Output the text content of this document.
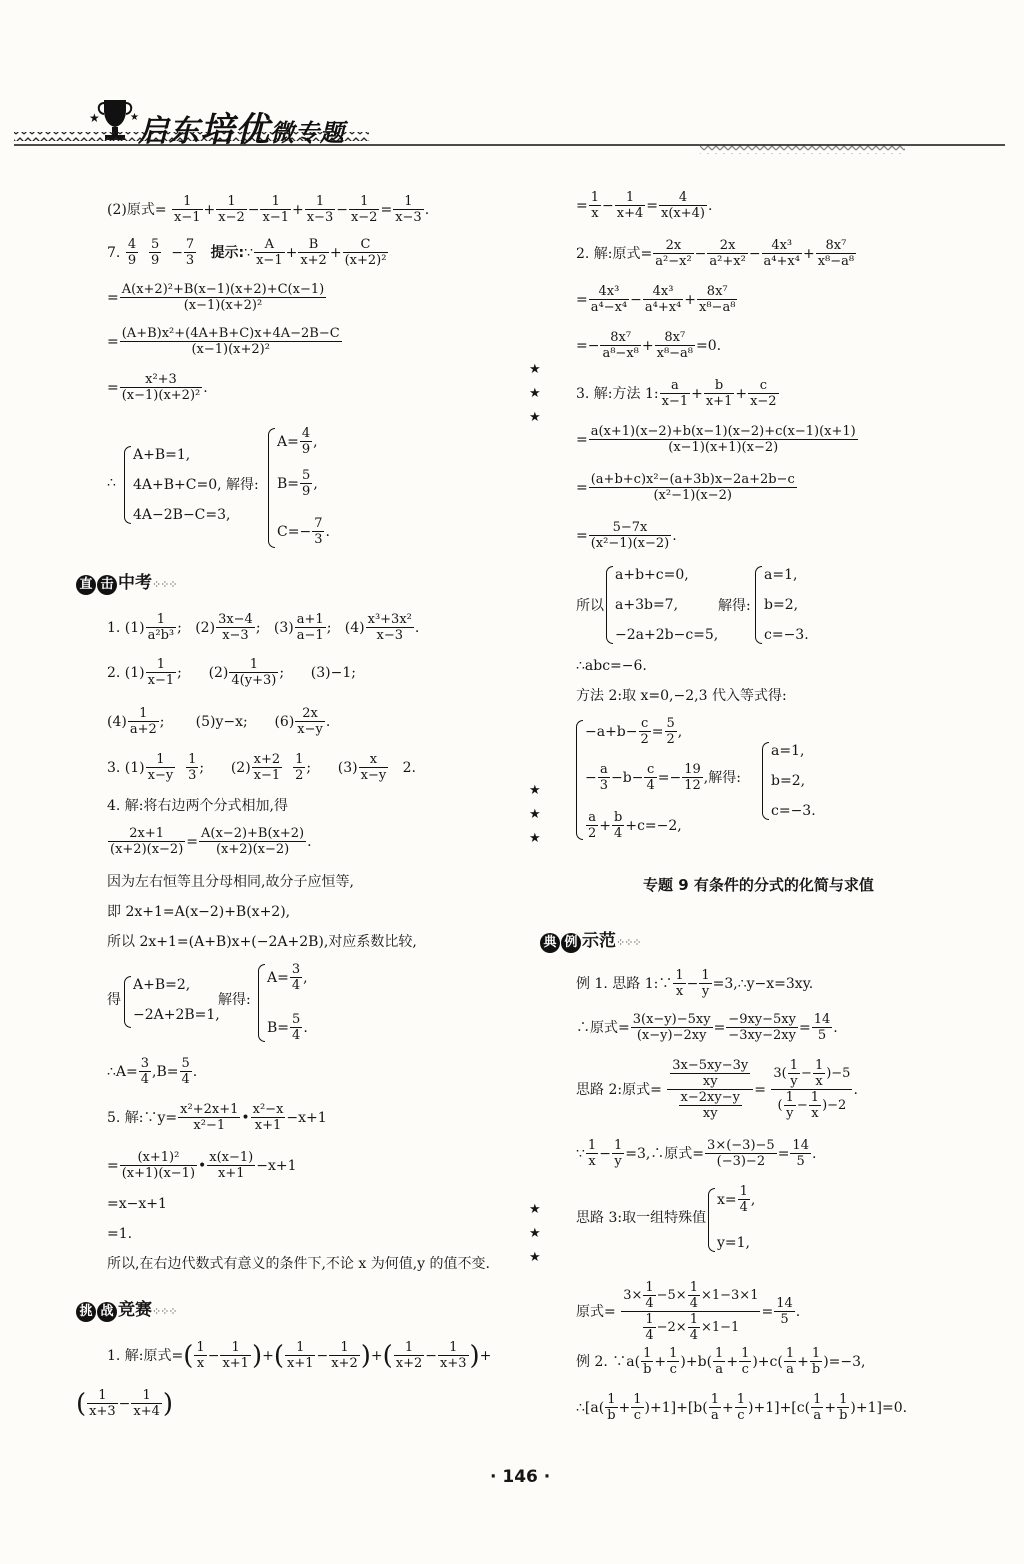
★	★ 启东培优微专题
(2)原式= $\frac{1}{x-1} + \frac{1}{x-2} - \frac{1}{x-1} + \frac{1}{x-3} - \frac{1}{x-2} = \frac{1}{x-3}$ .
7. $\frac{4}{9}$
$\frac{5}{9} - \frac{7}{3}$ 提示:∵ $\frac{A}{x-1} + \frac{B}{x+2} + \frac{C}{\text{(x+2)²}}$
= $\frac{\text{A(x+2)²+B(x−1)(x+2)+C(x−1)}}{\text{(x−1)(x+2)²}}$
= $\frac{\text{(A+B)x²+(4A+B+C)x+4A−2B−C}}{\text{(x−1)(x+2)²}}$
= $\frac{\text{x²+3}}{\text{(x−1)(x+2)²}}$ .
∴
A+B=1,
4A+B+C=0, 解得:
4A−2B−C=3,
$A= \frac{4}{9}$ ,
$B= \frac{5}{9}$ ,
$C=- \frac{7}{3}$ .
直 击 中考⁘⁘⁘
1. $(1) \frac{1}{\text{a²b³}}$ ;   $(2) \frac{3x-4}{x-3}$ ;   $(3) \frac{a+1}{a-1}$ ;   $(4) \frac{\text{x³+3x²}}{x-3}$ .
2. $(1) \frac{1}{x-1}$ ;      $(2) \frac{1}{4(y+3)}$ ;      (3)−1;
$(4) \frac{1}{a+2}$ ;       (5)y−x; $(6) \frac{2x}{x-y}$ .
3. $(1) \frac{1}{x-y}$
$\frac{1}{3}$ ;      $(2) \frac{x+2}{x-1}$
$\frac{1}{2}$ ;      $(3) \frac{x}{x-y} 2$.
4. 解:将右边两个分式相加,得
$\frac{2x+1}{(x+2)(x-2)} = \frac{A(x-2)+B(x+2)}{(x+2)(x-2)}$ .
因为左右恒等且分母相同,故分子应恒等,
即 2x+1=A(x−2)+B(x+2),
所以 2x+1=(A+B)x+(−2A+2B),对应系数比较,
得
A+B=2,
−2A+2B=1,
解得:
$A= \frac{3}{4}$ ,
$B= \frac{5}{4}$ .
∴A= $\frac{3}{4} ,B= \frac{5}{4}$ .
5. 解:∵y= $\frac{\text{x²+2x+1}}{\text{x²−1}}$ • $\frac{\text{x²−x}}{x+1} -x+1$
= $\frac{\text{(x+1)²}}{(x+1)(x-1)}$ • $\frac{x(x-1)}{x+1} -x+1$
=x−x+1
=1.
所以,在右边代数式有意义的条件下,不论 x 为何值,y 的值不变.
挑 战 竞赛⁘⁘⁘
1. 解:原式=( $\frac{1}{x} - \frac{1}{x+1}$ )+( $\frac{1}{x+1} - \frac{1}{x+2}$ )+( $\frac{1}{x+2} - \frac{1}{x+3}$ )+
( $\frac{1}{x+3} - \frac{1}{x+4}$ )
★
★
★
★
★
★
★
★
★
= $\frac{1}{x} - \frac{1}{x+4} = \frac{4}{x(x+4)}$ .
2. 解:原式= $\frac{2x}{\text{a²−x²}} - \frac{2x}{\text{a²+x²}} - \frac{\text{4x³}}{\text{a⁴+x⁴}} + \frac{\text{8x⁷}}{\text{x⁸−a⁸}}$
= $\frac{\text{4x³}}{\text{a⁴−x⁴}} - \frac{\text{4x³}}{\text{a⁴+x⁴}} + \frac{\text{8x⁷}}{\text{x⁸−a⁸}}$
=− $\frac{\text{8x⁷}}{\text{a⁸−x⁸}} + \frac{\text{8x⁷}}{\text{x⁸−a⁸}} =0$.
3. 解:方法 1: $\frac{a}{x-1} + \frac{b}{x+1} + \frac{c}{x-2}$
= $\frac{a(x+1)(x-2)+b(x-1)(x-2)+c(x-1)(x+1)}{(x-1)(x+1)(x-2)}$
= $\frac{\text{(a+b+c)x²−(a+3b)x−2a+2b−c}}{\text{(x²−1)(x−2)}}$
= $\frac{5-7x}{\text{(x²−1)(x−2)}}$ .
所以
a+b+c=0,
a+3b=7,
−2a+2b−c=5,
解得:
a=1,
b=2,
c=−3.
∴abc=−6.
方法 2:取 x=0,−2,3 代入等式得:
$-a+b- \frac{c}{2} = \frac{5}{2}$ ,
− $\frac{a}{3} -b- \frac{c}{4} =- \frac{19}{12}$ ,解得:
$\frac{a}{2} + \frac{b}{4} +c=-2$,
a=1,
b=2,
c=−3.
典 例 示范⁘⁘⁘
例 1. 思路 1:∵ $\frac{1}{x} - \frac{1}{y}$ =3,∴y−x=3xy.
∴原式= $\frac{3(x-y)-5xy}{(x-y)-2xy} = \frac{-9xy-5xy}{-3xy-2xy} = \frac{14}{5}$ .
思路 2:原式=
$\frac{3x-5xy-3y}{xy}$
$\frac{x-2xy-y}{xy}$
= $\frac{3( \frac{1}{y} - \frac{1}{x} )-5}{( \frac{1}{y} - \frac{1}{x} )-2}$ .
∵ $\frac{1}{x} - \frac{1}{y}$ =3,∴原式= $\frac{3\times(-3)-5}{(-3)-2} = \frac{14}{5}$ .
思路 3:取一组特殊值
$x= \frac{1}{4}$ ,
y=1,
原式= $\frac{3\times \frac{1}{4} -5\times \frac{1}{4} \times 1-3\times 1}{\frac{1}{4} -2\times \frac{1}{4} \times 1-1} = \frac{14}{5}$ .
例 2. ∵a( $\frac{1}{b} + \frac{1}{c} )+b( \frac{1}{a} + \frac{1}{c} )+c( \frac{1}{a} + \frac{1}{b} )=-3$,
∴[a( $\frac{1}{b} + \frac{1}{c} )+1]+[b( \frac{1}{a} + \frac{1}{c} )+1]+[c( \frac{1}{a} + \frac{1}{b} )+1]=0$.
专题 9 有条件的分式的化简与求值
· 146 ·
